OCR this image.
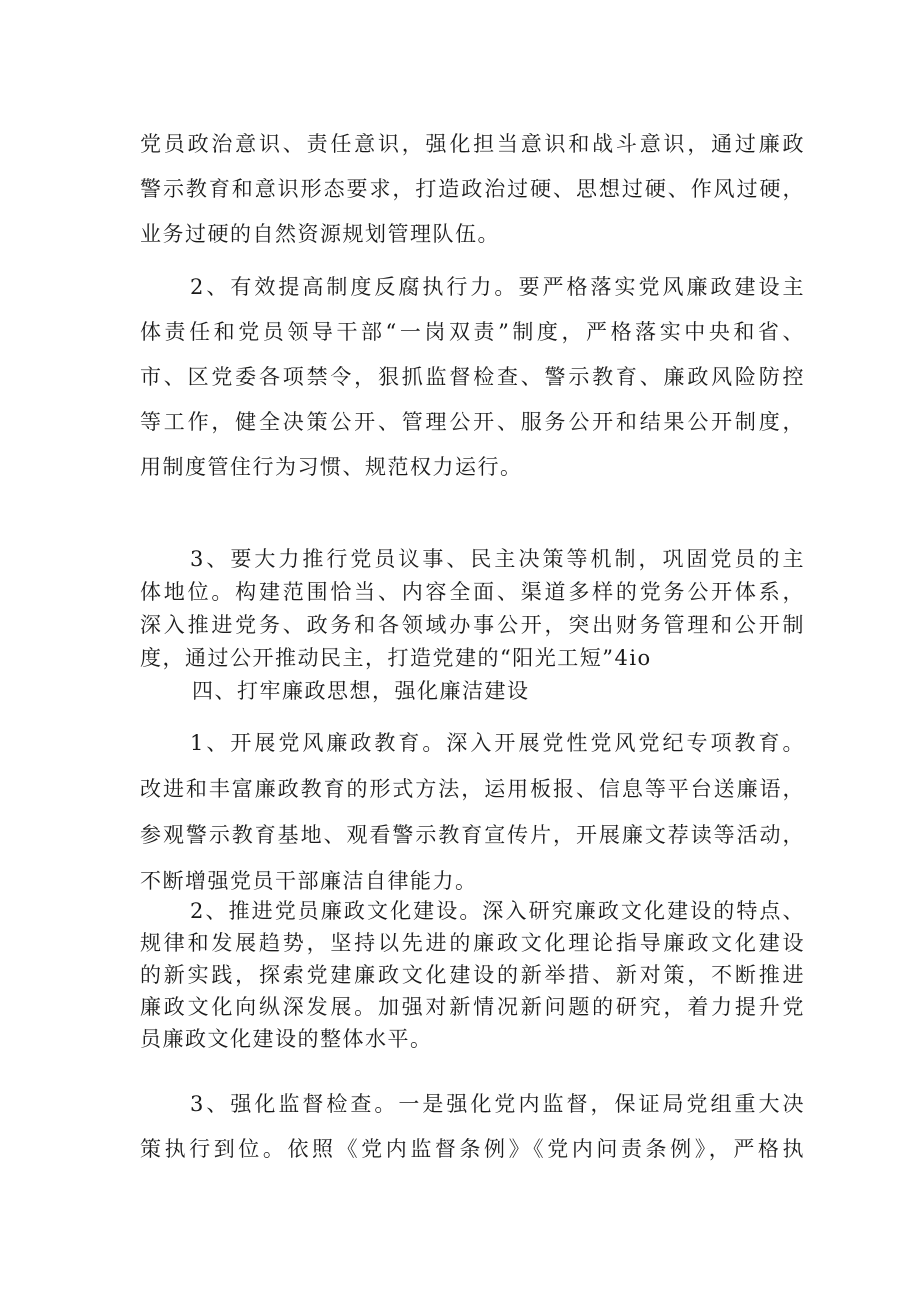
党员政治意识、责任意识，强化担当意识和战斗意识，通过廉政
警示教育和意识形态要求，打造政治过硬、思想过硬、作风过硬，
业务过硬的自然资源规划管理队伍。

2、有效提高制度反腐执行力。要严格落实党风廉政建设主
体责任和党员领导干部“一岗双责”制度，严格落实中央和省、
市、区党委各项禁令，狠抓监督检查、警示教育、廉政风险防控
等工作，健全决策公开、管理公开、服务公开和结果公开制度，
用制度管住行为习惯、规范权力运行。

3、要大力推行党员议事、民主决策等机制，巩固党员的主
体地位。构建范围恰当、内容全面、渠道多样的党务公开体系，
深入推进党务、政务和各领域办事公开，突出财务管理和公开制
度，通过公开推动民主，打造党建的“阳光工短”4io

四、打牢廉政思想，强化廉洁建设

1、开展党风廉政教育。深入开展党性党风党纪专项教育。
改进和丰富廉政教育的形式方法，运用板报、信息等平台送廉语，
参观警示教育基地、观看警示教育宣传片，开展廉文荐读等活动，
不断增强党员干部廉洁自律能力。

2、推进党员廉政文化建设。深入研究廉政文化建设的特点、
规律和发展趋势，坚持以先进的廉政文化理论指导廉政文化建设
的新实践，探索党建廉政文化建设的新举措、新对策，不断推进
廉政文化向纵深发展。加强对新情况新问题的研究，着力提升党
员廉政文化建设的整体水平。

3、强化监督检查。一是强化党内监督，保证局党组重大决
策执行到位。依照《党内监督条例》《党内问责条例》，严格执
